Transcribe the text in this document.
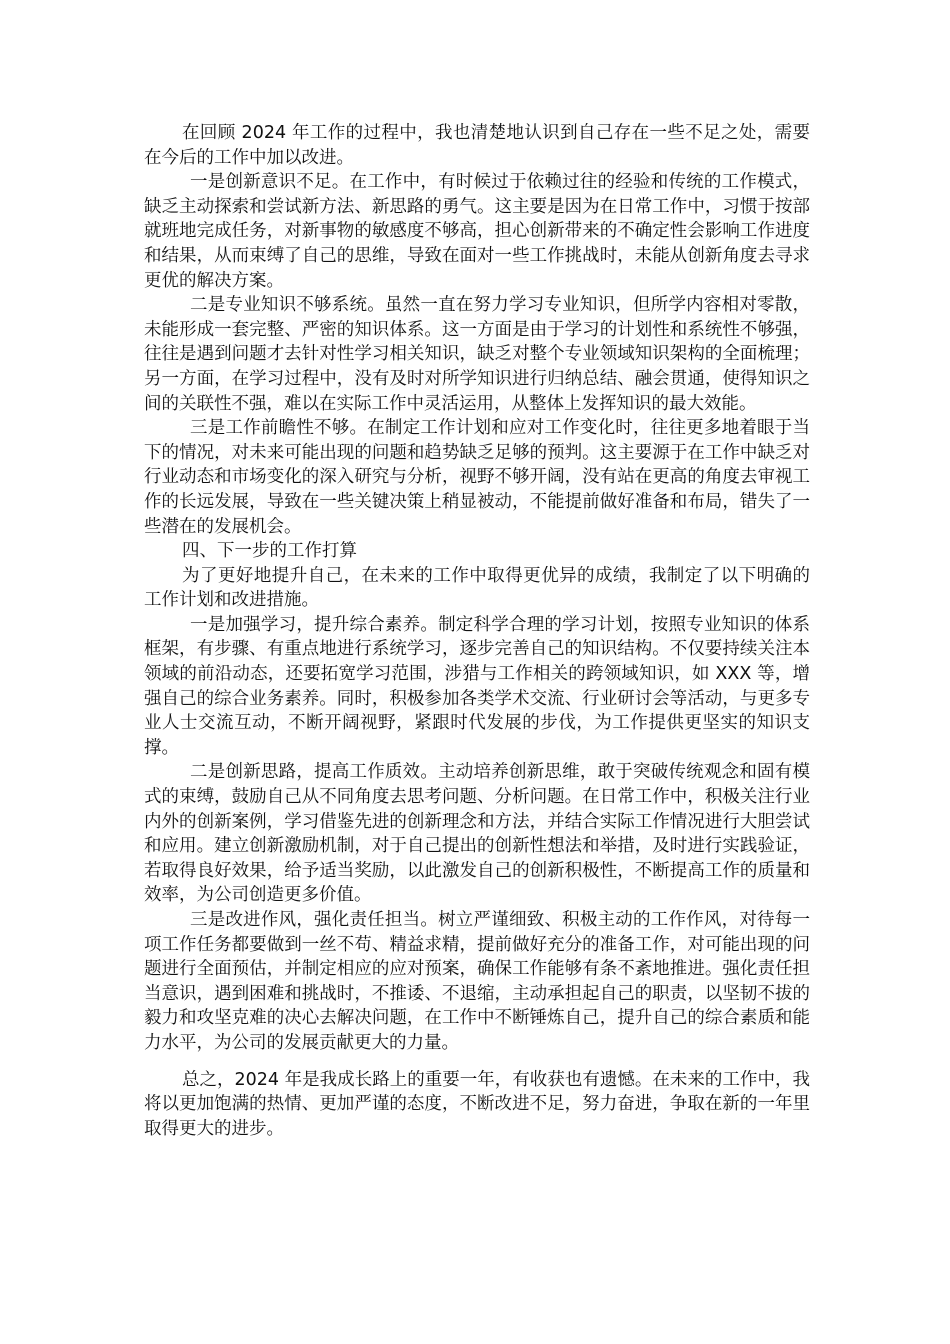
在回顾 2024 年工作的过程中，我也清楚地认识到自己存在一些不足之处，需要在今后的工作中加以改进。

一是创新意识不足。在工作中，有时候过于依赖过往的经验和传统的工作模式，缺乏主动探索和尝试新方法、新思路的勇气。这主要是因为在日常工作中，习惯于按部就班地完成任务，对新事物的敏感度不够高，担心创新带来的不确定性会影响工作进度和结果，从而束缚了自己的思维，导致在面对一些工作挑战时，未能从创新角度去寻求更优的解决方案。

二是专业知识不够系统。虽然一直在努力学习专业知识，但所学内容相对零散，未能形成一套完整、严密的知识体系。这一方面是由于学习的计划性和系统性不够强，往往是遇到问题才去针对性学习相关知识，缺乏对整个专业领域知识架构的全面梳理；另一方面，在学习过程中，没有及时对所学知识进行归纳总结、融会贯通，使得知识之间的关联性不强，难以在实际工作中灵活运用，从整体上发挥知识的最大效能。

三是工作前瞻性不够。在制定工作计划和应对工作变化时，往往更多地着眼于当下的情况，对未来可能出现的问题和趋势缺乏足够的预判。这主要源于在工作中缺乏对行业动态和市场变化的深入研究与分析，视野不够开阔，没有站在更高的角度去审视工作的长远发展，导致在一些关键决策上稍显被动，不能提前做好准备和布局，错失了一些潜在的发展机会。

四、下一步的工作打算

为了更好地提升自己，在未来的工作中取得更优异的成绩，我制定了以下明确的工作计划和改进措施。

一是加强学习，提升综合素养。制定科学合理的学习计划，按照专业知识的体系框架，有步骤、有重点地进行系统学习，逐步完善自己的知识结构。不仅要持续关注本领域的前沿动态，还要拓宽学习范围，涉猎与工作相关的跨领域知识，如 XXX 等，增强自己的综合业务素养。同时，积极参加各类学术交流、行业研讨会等活动，与更多专业人士交流互动，不断开阔视野，紧跟时代发展的步伐，为工作提供更坚实的知识支撑。

二是创新思路，提高工作质效。主动培养创新思维，敢于突破传统观念和固有模式的束缚，鼓励自己从不同角度去思考问题、分析问题。在日常工作中，积极关注行业内外的创新案例，学习借鉴先进的创新理念和方法，并结合实际工作情况进行大胆尝试和应用。建立创新激励机制，对于自己提出的创新性想法和举措，及时进行实践验证，若取得良好效果，给予适当奖励，以此激发自己的创新积极性，不断提高工作的质量和效率，为公司创造更多价值。

三是改进作风，强化责任担当。树立严谨细致、积极主动的工作作风，对待每一项工作任务都要做到一丝不苟、精益求精，提前做好充分的准备工作，对可能出现的问题进行全面预估，并制定相应的应对预案，确保工作能够有条不紊地推进。强化责任担当意识，遇到困难和挑战时，不推诿、不退缩，主动承担起自己的职责，以坚韧不拔的毅力和攻坚克难的决心去解决问题，在工作中不断锤炼自己，提升自己的综合素质和能力水平，为公司的发展贡献更大的力量。

总之，2024 年是我成长路上的重要一年，有收获也有遗憾。在未来的工作中，我将以更加饱满的热情、更加严谨的态度，不断改进不足，努力奋进，争取在新的一年里取得更大的进步。
